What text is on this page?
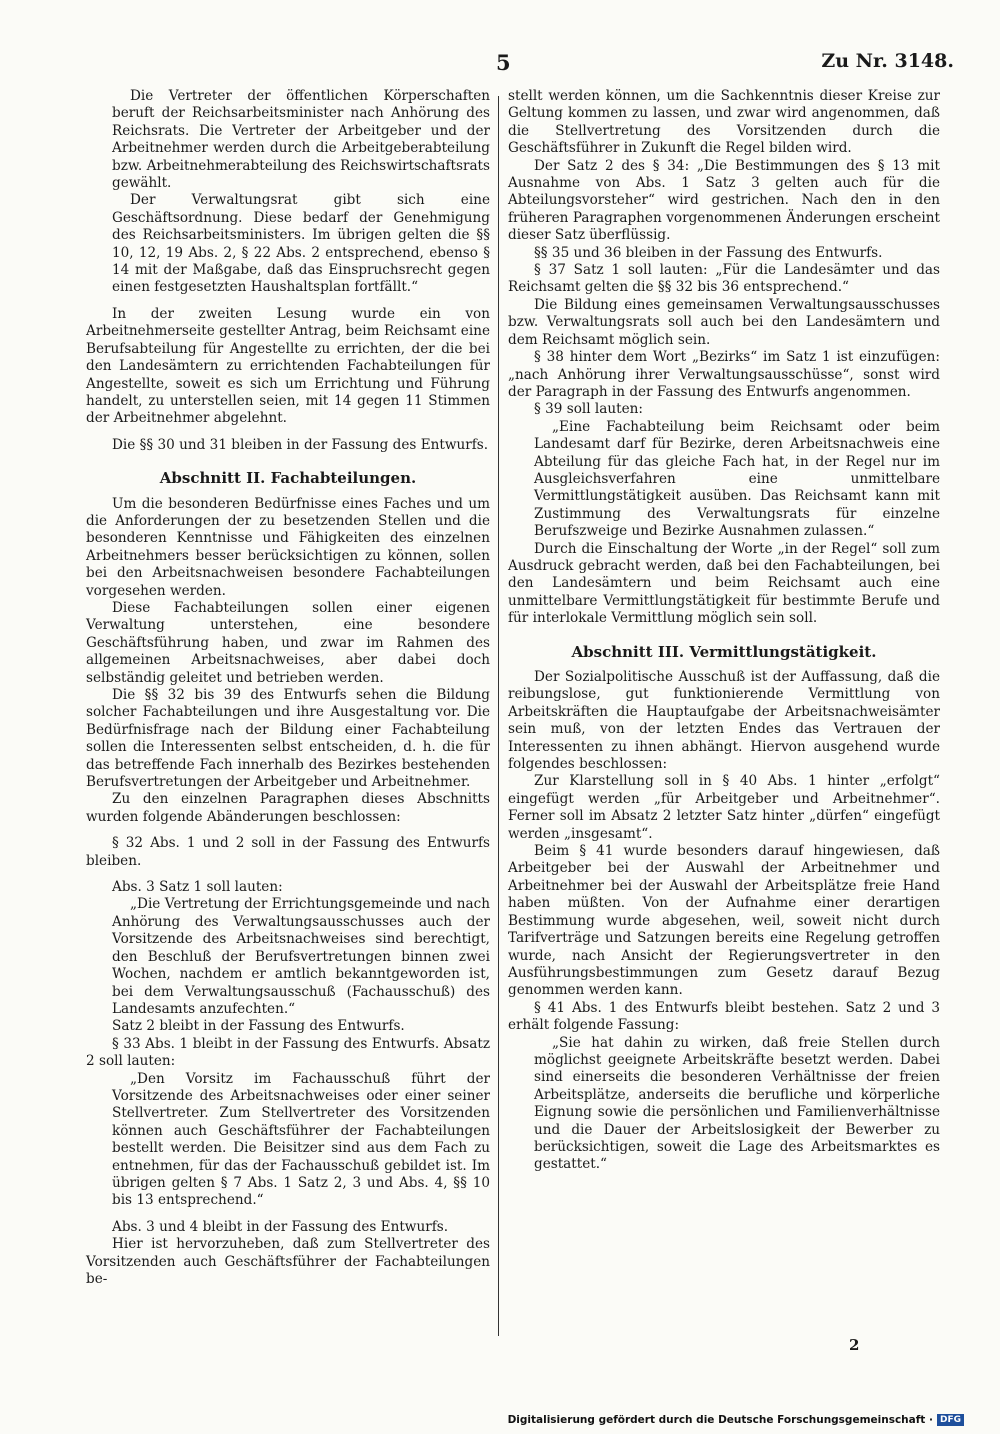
5	Zu Nr. 3148.

Die Vertreter der öffentlichen Körperschaften beruft der Reichsarbeitsminister nach Anhörung des Reichsrats. Die Vertreter der Arbeitgeber und der Arbeitnehmer werden durch die Arbeitgeberabteilung bzw. Arbeitnehmerabteilung des Reichswirtschaftsrats gewählt.

Der Verwaltungsrat gibt sich eine Geschäftsordnung. Diese bedarf der Genehmigung des Reichsarbeitsministers. Im übrigen gelten die §§ 10, 12, 19 Abs. 2, § 22 Abs. 2 entsprechend, ebenso § 14 mit der Maßgabe, daß das Einspruchsrecht gegen einen festgesetzten Haushaltsplan fortfällt.“

In der zweiten Lesung wurde ein von Arbeitnehmerseite gestellter Antrag, beim Reichsamt eine Berufsabteilung für Angestellte zu errichten, der die bei den Landesämtern zu errichtenden Fachabteilungen für Angestellte, soweit es sich um Errichtung und Führung handelt, zu unterstellen seien, mit 14 gegen 11 Stimmen der Arbeitnehmer abgelehnt.

Die §§ 30 und 31 bleiben in der Fassung des Entwurfs.

Abschnitt II. Fachabteilungen.

Um die besonderen Bedürfnisse eines Faches und um die Anforderungen der zu besetzenden Stellen und die besonderen Kenntnisse und Fähigkeiten des einzelnen Arbeitnehmers besser berücksichtigen zu können, sollen bei den Arbeitsnachweisen besondere Fachabteilungen vorgesehen werden.

Diese Fachabteilungen sollen einer eigenen Verwaltung unterstehen, eine besondere Geschäftsführung haben, und zwar im Rahmen des allgemeinen Arbeitsnachweises, aber dabei doch selbständig geleitet und betrieben werden.

Die §§ 32 bis 39 des Entwurfs sehen die Bildung solcher Fachabteilungen und ihre Ausgestaltung vor. Die Bedürfnisfrage nach der Bildung einer Fachabteilung sollen die Interessenten selbst entscheiden, d. h. die für das betreffende Fach innerhalb des Bezirkes bestehenden Berufsvertretungen der Arbeitgeber und Arbeitnehmer.

Zu den einzelnen Paragraphen dieses Abschnitts wurden folgende Abänderungen beschlossen:

§ 32 Abs. 1 und 2 soll in der Fassung des Entwurfs bleiben.

Abs. 3 Satz 1 soll lauten:

„Die Vertretung der Errichtungsgemeinde und nach Anhörung des Verwaltungsausschusses auch der Vorsitzende des Arbeitsnachweises sind berechtigt, den Beschluß der Berufsvertretungen binnen zwei Wochen, nachdem er amtlich bekanntgeworden ist, bei dem Verwaltungsausschuß (Fachausschuß) des Landesamts anzufechten.“

Satz 2 bleibt in der Fassung des Entwurfs.

§ 33 Abs. 1 bleibt in der Fassung des Entwurfs. Absatz 2 soll lauten:

„Den Vorsitz im Fachausschuß führt der Vorsitzende des Arbeitsnachweises oder einer seiner Stellvertreter. Zum Stellvertreter des Vorsitzenden können auch Geschäftsführer der Fachabteilungen bestellt werden. Die Beisitzer sind aus dem Fach zu entnehmen, für das der Fachausschuß gebildet ist. Im übrigen gelten § 7 Abs. 1 Satz 2, 3 und Abs. 4, §§ 10 bis 13 entsprechend.“

Abs. 3 und 4 bleibt in der Fassung des Entwurfs.

Hier ist hervorzuheben, daß zum Stellvertreter des Vorsitzenden auch Geschäftsführer der Fachabteilungen be-

stellt werden können, um die Sachkenntnis dieser Kreise zur Geltung kommen zu lassen, und zwar wird angenommen, daß die Stellvertretung des Vorsitzenden durch die Geschäftsführer in Zukunft die Regel bilden wird.

Der Satz 2 des § 34: „Die Bestimmungen des § 13 mit Ausnahme von Abs. 1 Satz 3 gelten auch für die Abteilungsvorsteher“ wird gestrichen. Nach den in den früheren Paragraphen vorgenommenen Änderungen erscheint dieser Satz überflüssig.

§§ 35 und 36 bleiben in der Fassung des Entwurfs.

§ 37 Satz 1 soll lauten: „Für die Landesämter und das Reichsamt gelten die §§ 32 bis 36 entsprechend.“

Die Bildung eines gemeinsamen Verwaltungsausschusses bzw. Verwaltungsrats soll auch bei den Landesämtern und dem Reichsamt möglich sein.

§ 38 hinter dem Wort „Bezirks“ im Satz 1 ist einzufügen: „nach Anhörung ihrer Verwaltungsausschüsse“, sonst wird der Paragraph in der Fassung des Entwurfs angenommen.

§ 39 soll lauten:

„Eine Fachabteilung beim Reichsamt oder beim Landesamt darf für Bezirke, deren Arbeitsnachweis eine Abteilung für das gleiche Fach hat, in der Regel nur im Ausgleichsverfahren eine unmittelbare Vermittlungstätigkeit ausüben. Das Reichsamt kann mit Zustimmung des Verwaltungsrats für einzelne Berufszweige und Bezirke Ausnahmen zulassen.“

Durch die Einschaltung der Worte „in der Regel“ soll zum Ausdruck gebracht werden, daß bei den Fachabteilungen, bei den Landesämtern und beim Reichsamt auch eine unmittelbare Vermittlungstätigkeit für bestimmte Berufe und für interlokale Vermittlung möglich sein soll.

Abschnitt III. Vermittlungstätigkeit.

Der Sozialpolitische Ausschuß ist der Auffassung, daß die reibungslose, gut funktionierende Vermittlung von Arbeitskräften die Hauptaufgabe der Arbeitsnachweisämter sein muß, von der letzten Endes das Vertrauen der Interessenten zu ihnen abhängt. Hiervon ausgehend wurde folgendes beschlossen:

Zur Klarstellung soll in § 40 Abs. 1 hinter „erfolgt“ eingefügt werden „für Arbeitgeber und Arbeitnehmer“. Ferner soll im Absatz 2 letzter Satz hinter „dürfen“ eingefügt werden „insgesamt“.

Beim § 41 wurde besonders darauf hingewiesen, daß Arbeitgeber bei der Auswahl der Arbeitnehmer und Arbeitnehmer bei der Auswahl der Arbeitsplätze freie Hand haben müßten. Von der Aufnahme einer derartigen Bestimmung wurde abgesehen, weil, soweit nicht durch Tarifverträge und Satzungen bereits eine Regelung getroffen wurde, nach Ansicht der Regierungsvertreter in den Ausführungsbestimmungen zum Gesetz darauf Bezug genommen werden kann.

§ 41 Abs. 1 des Entwurfs bleibt bestehen. Satz 2 und 3 erhält folgende Fassung:

„Sie hat dahin zu wirken, daß freie Stellen durch möglichst geeignete Arbeitskräfte besetzt werden. Dabei sind einerseits die besonderen Verhältnisse der freien Arbeitsplätze, anderseits die berufliche und körperliche Eignung sowie die persönlichen und Familienverhältnisse und die Dauer der Arbeitslosigkeit der Bewerber zu berücksichtigen, soweit die Lage des Arbeitsmarktes es gestattet.“

2
Digitalisierung gefördert durch die Deutsche Forschungsgemeinschaft · DFG
